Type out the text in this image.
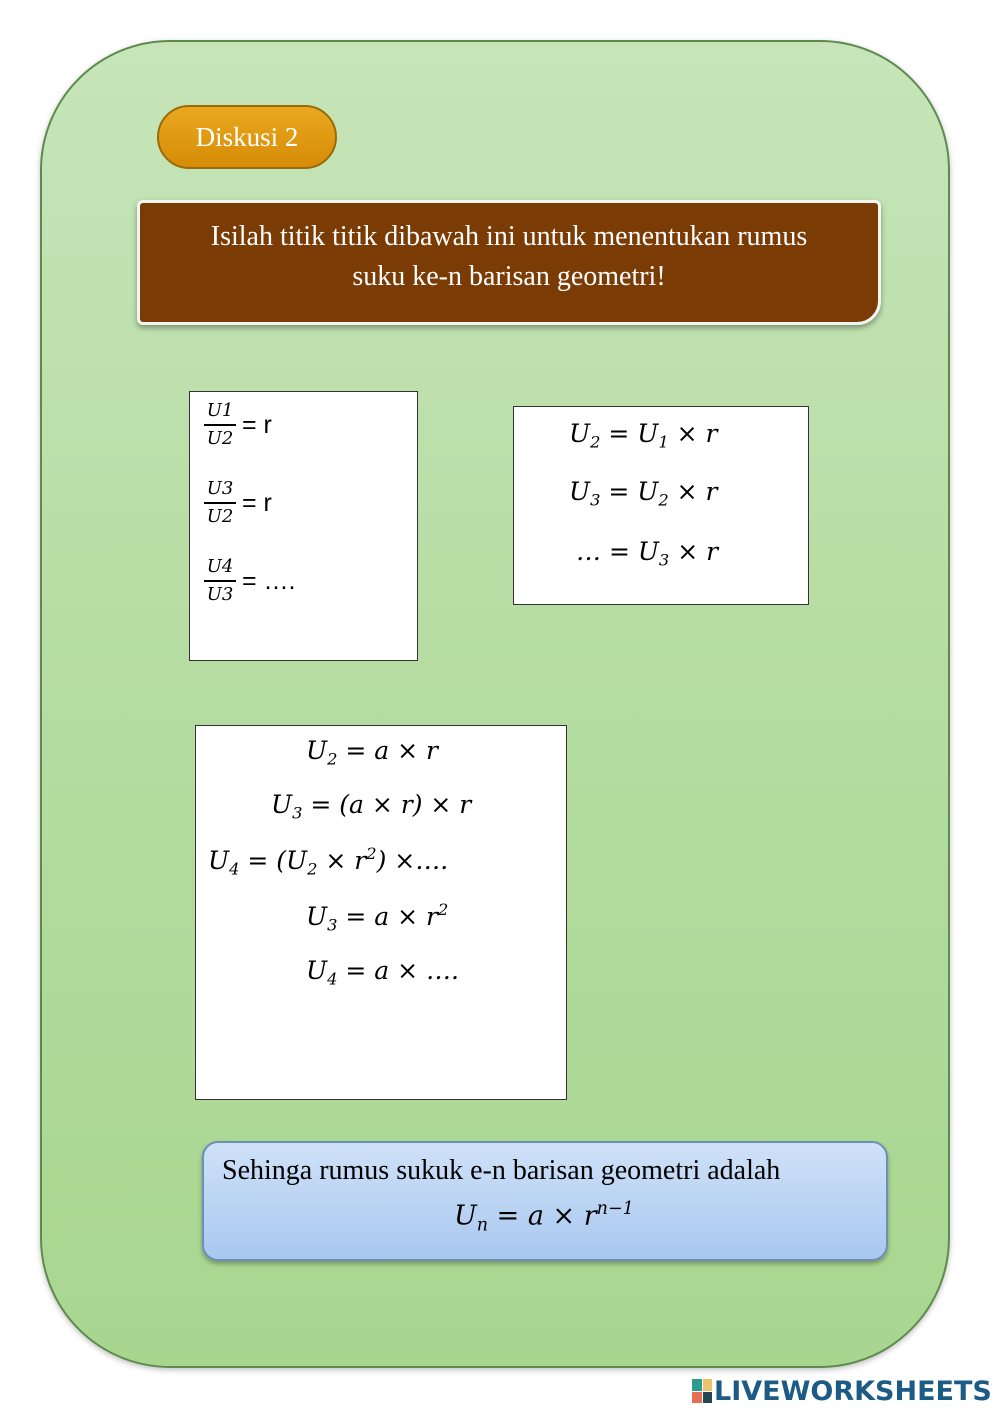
Diskusi 2
Isilah titik titik dibawah ini untuk menentukan rumus
suku ke-n barisan geometri!
$\frac{U1}{U2} = r$
$\frac{U3}{U2} = r$
$\frac{U4}{U3}$ = ….
$U_2 = U_1 \times r$
$U_3 = U_2 \times r$
… = $U_3 \times r$
$U_2 = a \times r$
$U_3 = (a \times r) \times r$
$U_4 = (U_2 \times r^2)$ ×….
$U_3 = a \times r^2$
$U_4 = a$ × ….
Sehinga rumus sukuk e-n barisan geometri adalah
$U_n = a \times r^{n-1}$
LIVEWORKSHEETS
